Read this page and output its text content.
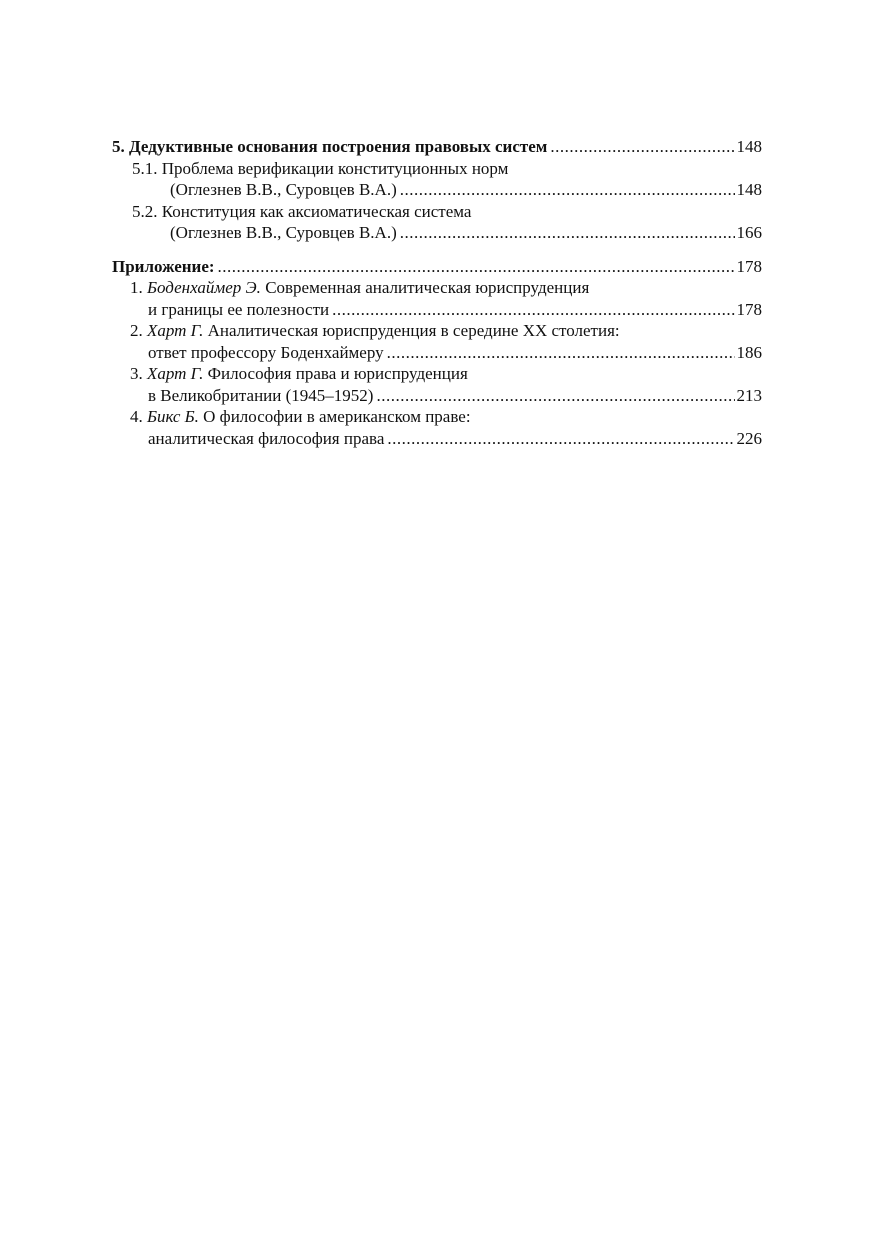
5. Дедуктивные основания построения правовых систем .....	148
5.1. Проблема верификации конституционных норм
(Оглезнев В.В., Суровцев В.А.) .....	148
5.2. Конституция как аксиоматическая система
(Оглезнев В.В., Суровцев В.А.) .....	166
Приложение: .....	178
1. Боденхаймер Э. Современная аналитическая юриспруденция
и границы ее полезности .....	178
2. Харт Г. Аналитическая юриспруденция в середине XX столетия:
ответ профессору Боденхаймеру .....	186
3. Харт Г. Философия права и юриспруденция
в Великобритании (1945–1952) .....	213
4. Бикс Б. О философии в американском праве:
аналитическая философия права .....	226
